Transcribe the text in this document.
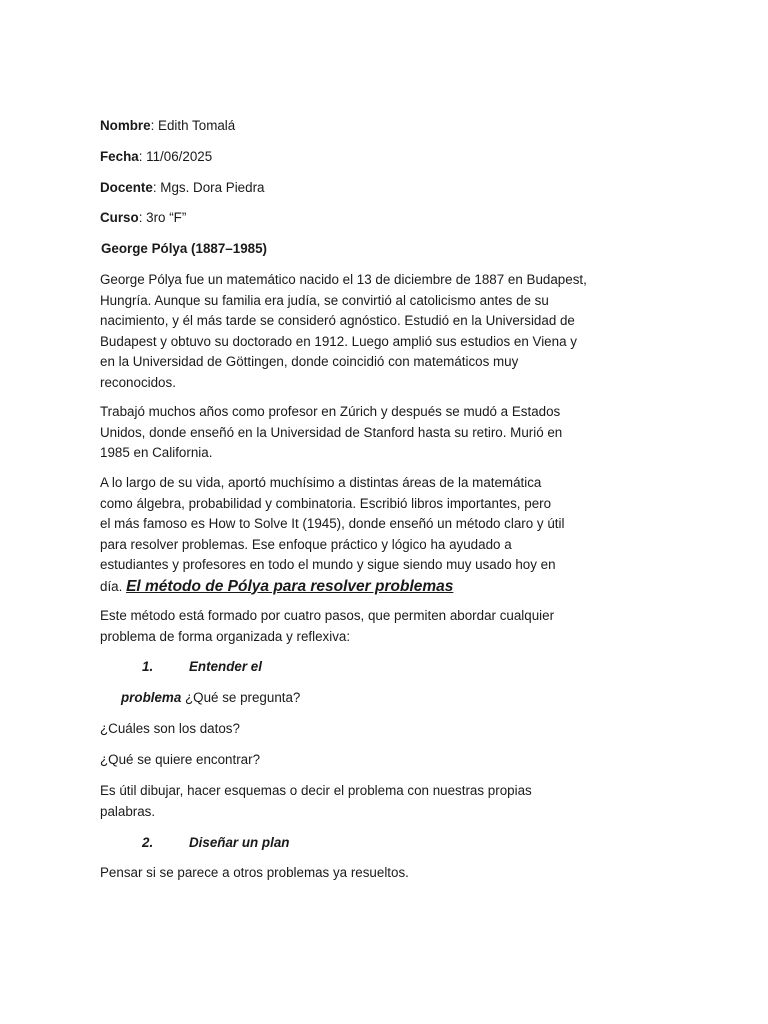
Nombre: Edith Tomalá
Fecha: 11/06/2025
Docente: Mgs. Dora Piedra
Curso: 3ro “F”
George Pólya (1887–1985)
George Pólya fue un matemático nacido el 13 de diciembre de 1887 en Budapest,
Hungría. Aunque su familia era judía, se convirtió al catolicismo antes de su
nacimiento, y él más tarde se consideró agnóstico. Estudió en la Universidad de
Budapest y obtuvo su doctorado en 1912. Luego amplió sus estudios en Viena y
en la Universidad de Göttingen, donde coincidió con matemáticos muy
reconocidos.
Trabajó muchos años como profesor en Zúrich y después se mudó a Estados
Unidos, donde enseñó en la Universidad de Stanford hasta su retiro. Murió en
1985 en California.
A lo largo de su vida, aportó muchísimo a distintas áreas de la matemática
como álgebra, probabilidad y combinatoria. Escribió libros importantes, pero
el más famoso es How to Solve It (1945), donde enseñó un método claro y útil
para resolver problemas. Ese enfoque práctico y lógico ha ayudado a
estudiantes y profesores en todo el mundo y sigue siendo muy usado hoy en
día. El método de Pólya para resolver problemas
Este método está formado por cuatro pasos, que permiten abordar cualquier
problema de forma organizada y reflexiva:
1.	Entender el
problema ¿Qué se pregunta?
¿Cuáles son los datos?
¿Qué se quiere encontrar?
Es útil dibujar, hacer esquemas o decir el problema con nuestras propias
palabras.
2.	Diseñar un plan
Pensar si se parece a otros problemas ya resueltos.
